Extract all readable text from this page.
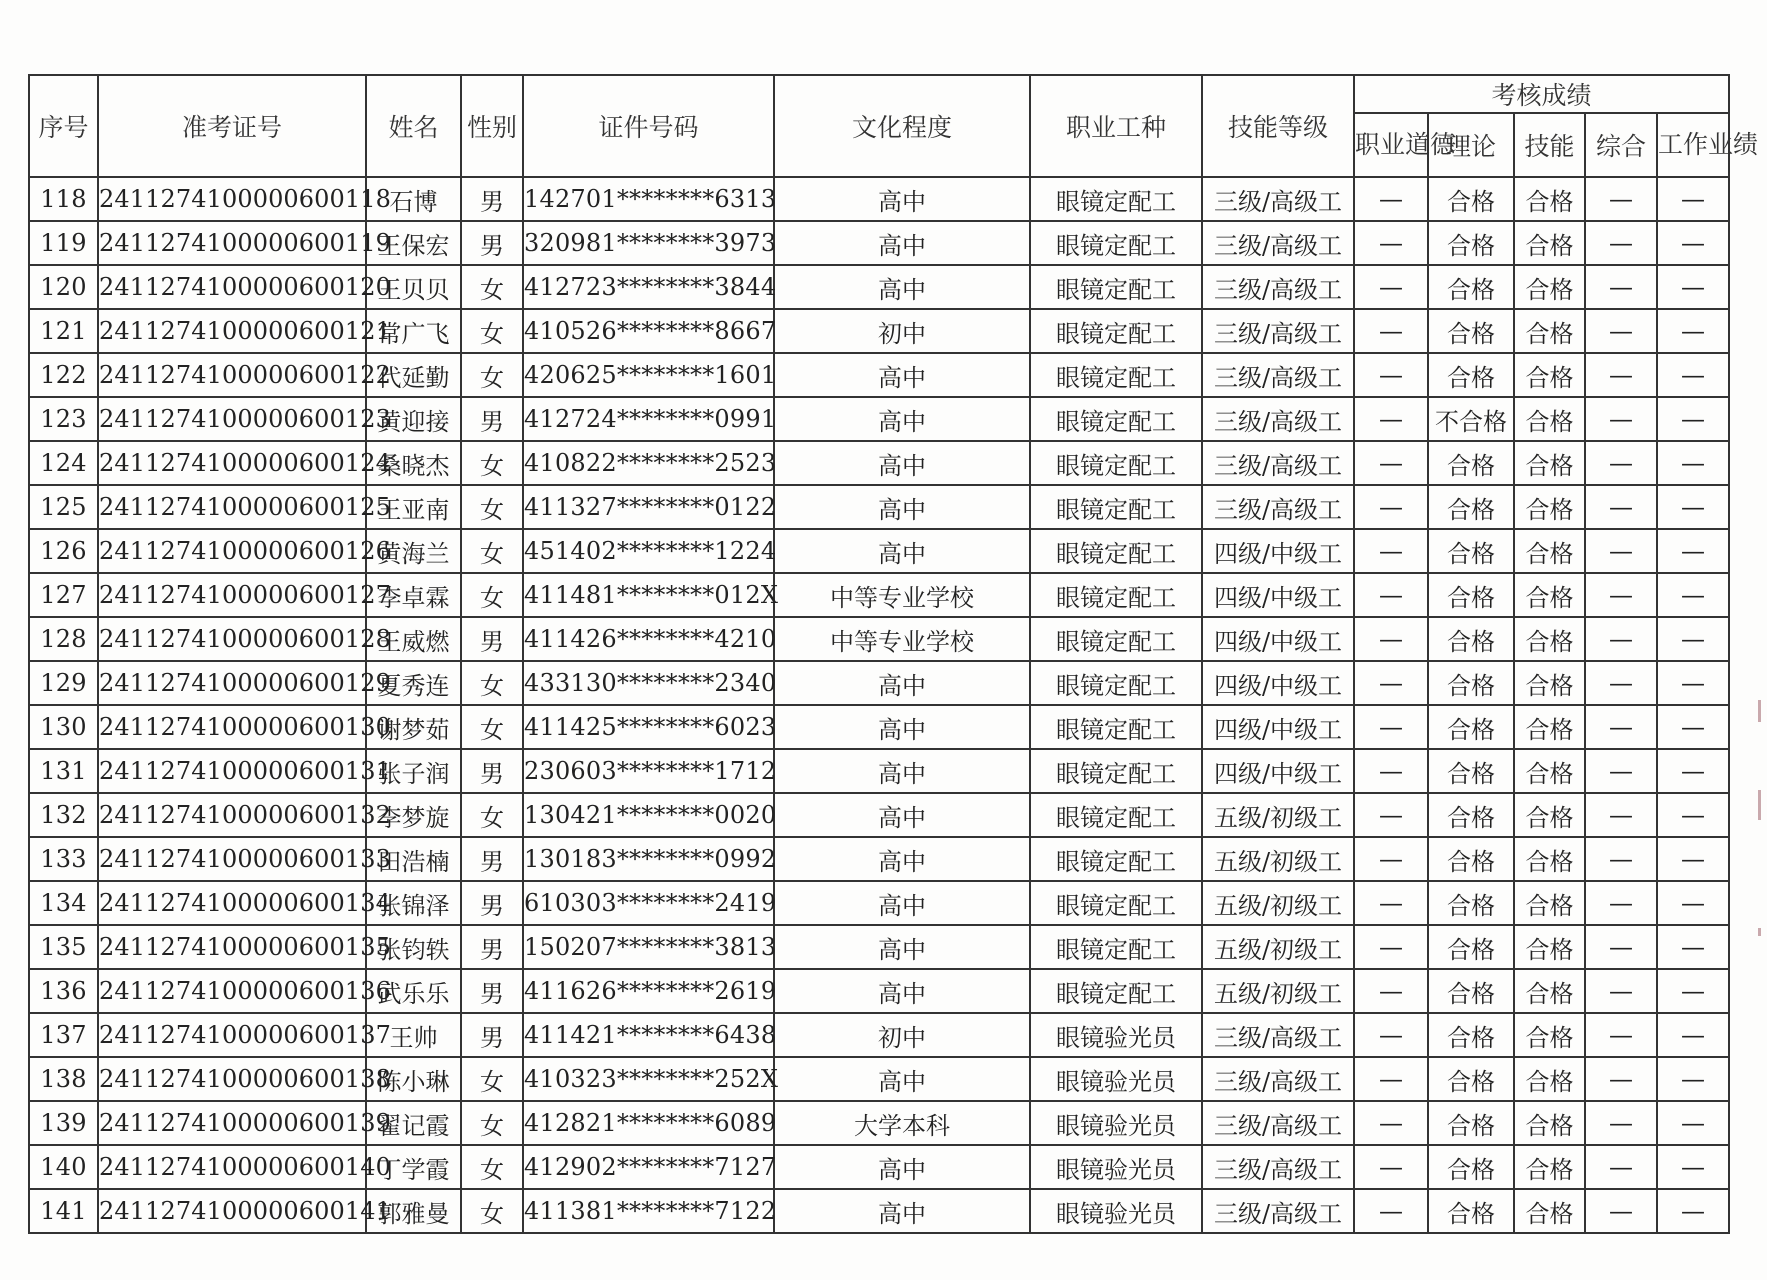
序号	准考证号	姓名	性别	证件号码	文化程度	职业工种	技能等级	考核成绩				
								职业道德	理论	技能	综合	工作业绩
118	2411274100000600118	石博	男	142701********6313	高中	眼镜定配工	三级/高级工	—	合格	合格	—	—
119	2411274100000600119	王保宏	男	320981********3973	高中	眼镜定配工	三级/高级工	—	合格	合格	—	—
120	2411274100000600120	王贝贝	女	412723********3844	高中	眼镜定配工	三级/高级工	—	合格	合格	—	—
121	2411274100000600121	常广飞	女	410526********8667	初中	眼镜定配工	三级/高级工	—	合格	合格	—	—
122	2411274100000600122	代延勤	女	420625********1601	高中	眼镜定配工	三级/高级工	—	合格	合格	—	—
123	2411274100000600123	黄迎接	男	412724********0991	高中	眼镜定配工	三级/高级工	—	不合格	合格	—	—
124	2411274100000600124	桑晓杰	女	410822********2523	高中	眼镜定配工	三级/高级工	—	合格	合格	—	—
125	2411274100000600125	王亚南	女	411327********0122	高中	眼镜定配工	三级/高级工	—	合格	合格	—	—
126	2411274100000600126	黄海兰	女	451402********1224	高中	眼镜定配工	四级/中级工	—	合格	合格	—	—
127	2411274100000600127	李卓霖	女	411481********012X	中等专业学校	眼镜定配工	四级/中级工	—	合格	合格	—	—
128	2411274100000600128	王威燃	男	411426********4210	中等专业学校	眼镜定配工	四级/中级工	—	合格	合格	—	—
129	2411274100000600129	夏秀连	女	433130********2340	高中	眼镜定配工	四级/中级工	—	合格	合格	—	—
130	2411274100000600130	谢梦茹	女	411425********6023	高中	眼镜定配工	四级/中级工	—	合格	合格	—	—
131	2411274100000600131	张子润	男	230603********1712	高中	眼镜定配工	四级/中级工	—	合格	合格	—	—
132	2411274100000600132	李梦旋	女	130421********0020	高中	眼镜定配工	五级/初级工	—	合格	合格	—	—
133	2411274100000600133	田浩楠	男	130183********0992	高中	眼镜定配工	五级/初级工	—	合格	合格	—	—
134	2411274100000600134	张锦泽	男	610303********2419	高中	眼镜定配工	五级/初级工	—	合格	合格	—	—
135	2411274100000600135	张钧轶	男	150207********3813	高中	眼镜定配工	五级/初级工	—	合格	合格	—	—
136	2411274100000600136	武乐乐	男	411626********2619	高中	眼镜定配工	五级/初级工	—	合格	合格	—	—
137	2411274100000600137	王帅	男	411421********6438	初中	眼镜验光员	三级/高级工	—	合格	合格	—	—
138	2411274100000600138	陈小琳	女	410323********252X	高中	眼镜验光员	三级/高级工	—	合格	合格	—	—
139	2411274100000600139	翟记霞	女	412821********6089	大学本科	眼镜验光员	三级/高级工	—	合格	合格	—	—
140	2411274100000600140	丁学霞	女	412902********7127	高中	眼镜验光员	三级/高级工	—	合格	合格	—	—
141	2411274100000600141	郭雅曼	女	411381********7122	高中	眼镜验光员	三级/高级工	—	合格	合格	—	—
